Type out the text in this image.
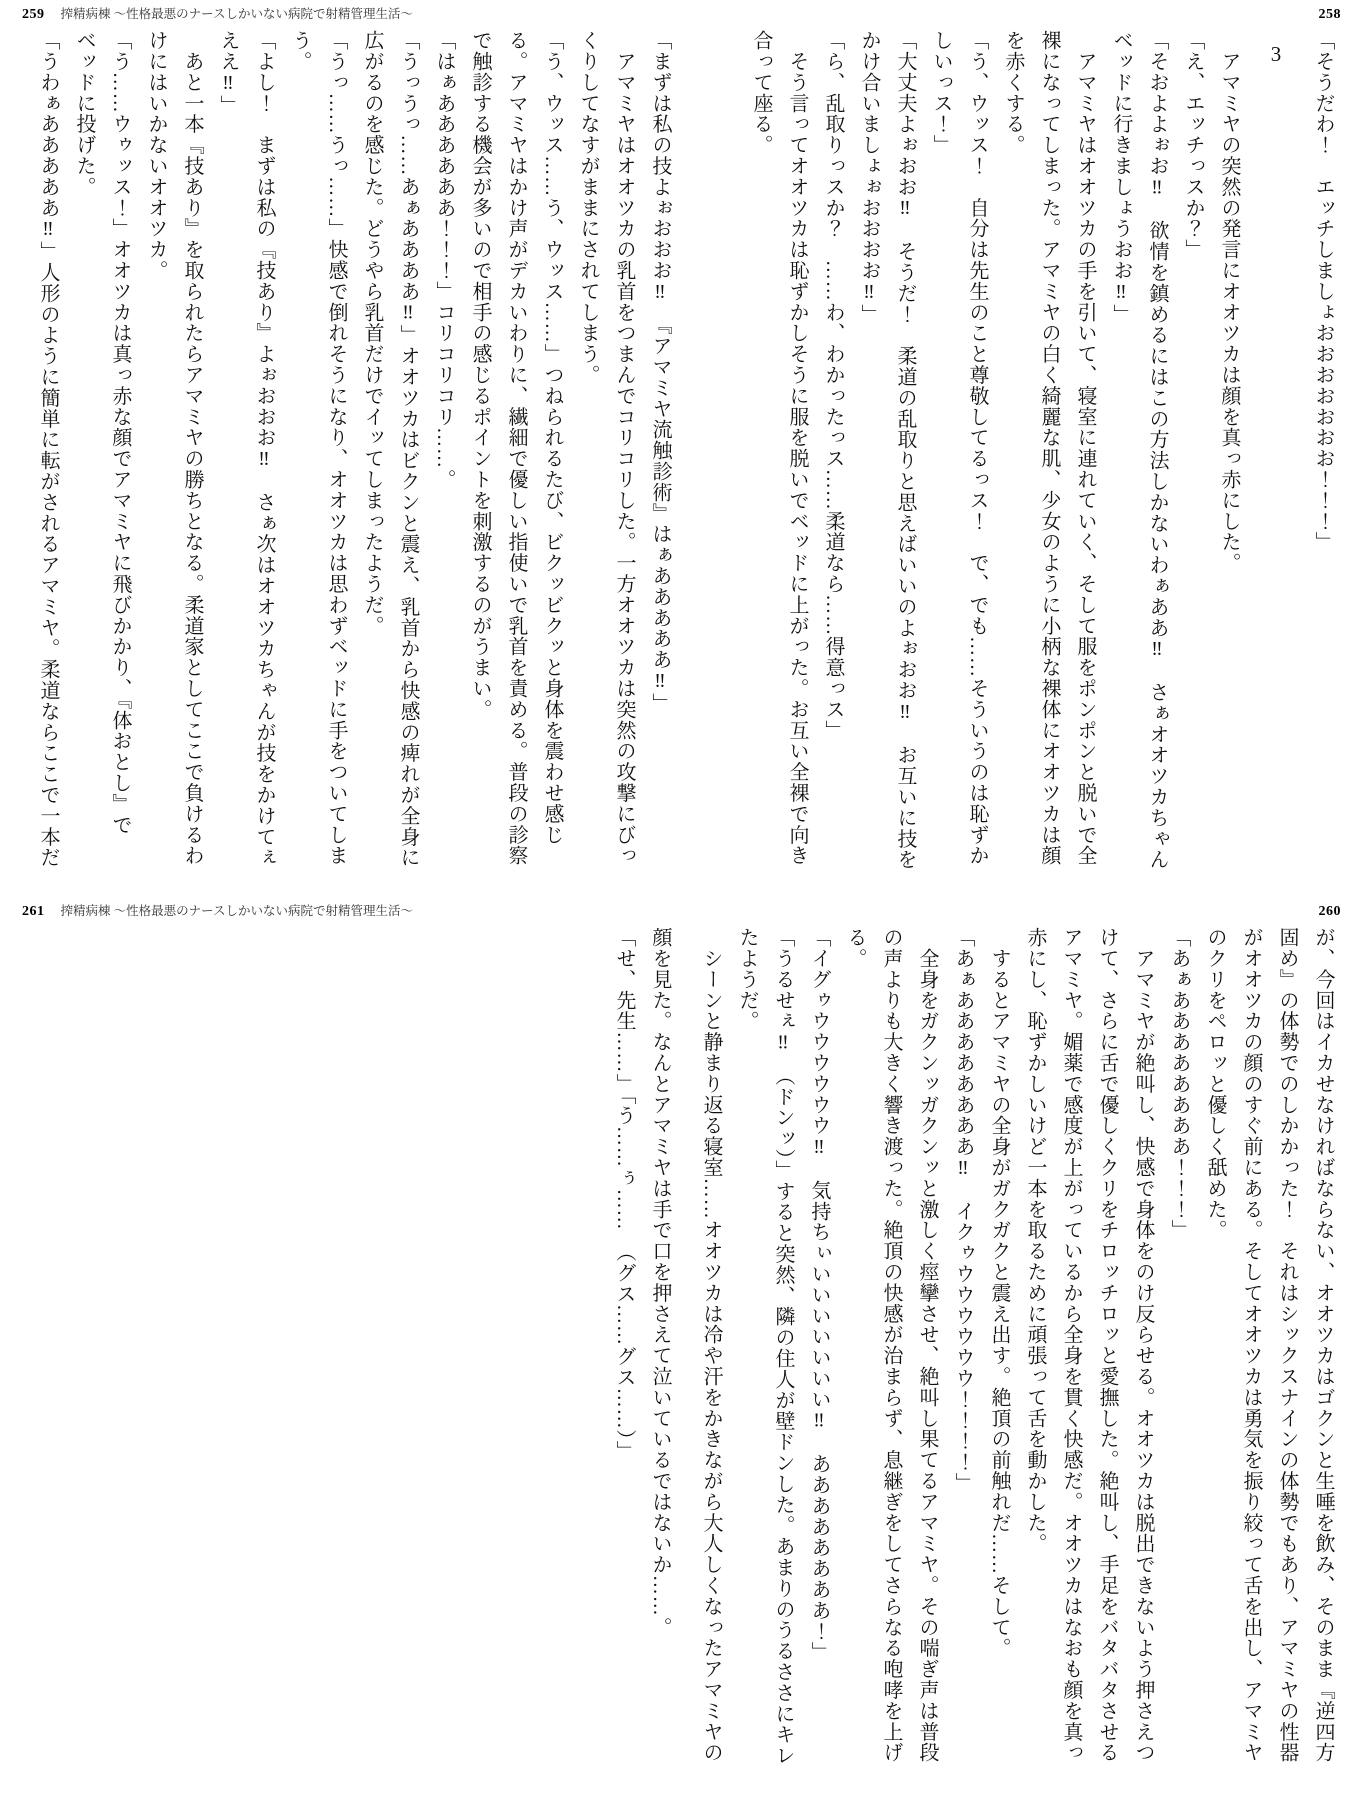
259 搾精病棟 ～性格最悪のナースしかいない病院で射精管理生活～	258

「まずは私の技よぉおおお‼　『アマミヤ流触診術』はぁあああああ‼」

　アマミヤはオオツカの乳首をつまんでコリコリした。一方オオツカは突然の攻撃にびっくりしてなすがままにされてしまう。

「う、ウッス……う、ウッス……」つねられるたび、ビクッビクッと身体を震わせ感じる。アマミヤはかけ声がデカいわりに、繊細で優しい指使いで乳首を責める。普段の診察で触診する機会が多いので相手の感じるポイントを刺激するのがうまい。

「はぁああああああ！！！」コリコリコリ……。

「うっうっ……あぁああああ‼」オオツカはビクンと震え、乳首から快感の痺れが全身に広がるのを感じた。どうやら乳首だけでイッてしまったようだ。

「うっ……うっ……」快感で倒れそうになり、オオツカは思わずベッドに手をついてしまう。

「よし！　まずは私の『技あり』よぉおおお‼　さぁ次はオオツカちゃんが技をかけてぇええ‼」

　あと一本『技あり』を取られたらアマミヤの勝ちとなる。柔道家としてここで負けるわけにはいかないオオツカ。

「う……ウゥッス！」オオツカは真っ赤な顔でアマミヤに飛びかかり、『体おとし』でベッドに投げた。

「うわぁあああああ‼」人形のように簡単に転がされるアマミヤ。柔道ならここで一本だ	「そうだわ！　エッチしましょおおおおおおお！！！」

3

　アマミヤの突然の発言にオオツカは顔を真っ赤にした。

「え、エッチっスか？」

「そおよよぉお‼　欲情を鎮めるにはこの方法しかないわぁああ‼　さぁオオツカちゃんベッドに行きましょうおお‼」

　アマミヤはオオツカの手を引いて、寝室に連れていく、そして服をポンポンと脱いで全裸になってしまった。アマミヤの白く綺麗な肌、少女のように小柄な裸体にオオツカは顔を赤くする。

「う、ウッス！　自分は先生のこと尊敬してるっス！　で、でも……そういうのは恥ずかしいっス！」

「大丈夫よぉおお‼　そうだ！　柔道の乱取りと思えばいいのよぉおお‼　お互いに技をかけ合いましょぉおおおお‼」

「ら、乱取りっスか？　……わ、わかったっス……柔道なら……得意っス」

　そう言ってオオツカは恥ずかしそうに服を脱いでベッドに上がった。お互い全裸で向き合って座る。

261 搾精病棟 ～性格最悪のナースしかいない病院で射精管理生活～	260

顔を見た。なんとアマミヤは手で口を押さえて泣いているではないか……。

「せ、先生……」「う……ぅ……　（グス……グス……）」	が、今回はイカせなければならない、オオツカはゴクンと生唾を飲み、そのまま『逆四方固め』の体勢でのしかかった！　それはシックスナインの体勢でもあり、アマミヤの性器がオオツカの顔のすぐ前にある。そしてオオツカは勇気を振り絞って舌を出し、アマミヤのクリをペロッと優しく舐めた。

「あぁああああああああ！！！」

　アマミヤが絶叫し、快感で身体をのけ反らせる。オオツカは脱出できないよう押さえつけて、さらに舌で優しくクリをチロッチロッと愛撫した。絶叫し、手足をバタバタさせるアマミヤ。媚薬で感度が上がっているから全身を貫く快感だ。オオツカはなおも顔を真っ赤にし、恥ずかしいけど一本を取るために頑張って舌を動かした。

　するとアマミヤの全身がガクガクと震え出す。絶頂の前触れだ……そして。

「あぁああああああああ‼　イクゥウウウウウウ！！！！」

　全身をガクンッガクンッと激しく痙攣させ、絶叫し果てるアマミヤ。その喘ぎ声は普段の声よりも大きく響き渡った。絶頂の快感が治まらず、息継ぎをしてさらなる咆哮を上げる。

「イグゥウウウウウウ‼　気持ちぃいいいいいいい‼　ああああああああ！」

「うるせぇ‼　（ドンッ）」すると突然、隣の住人が壁ドンした。あまりのうるささにキレたようだ。

　シーンと静まり返る寝室……オオツカは冷や汗をかきながら大人しくなったアマミヤの
